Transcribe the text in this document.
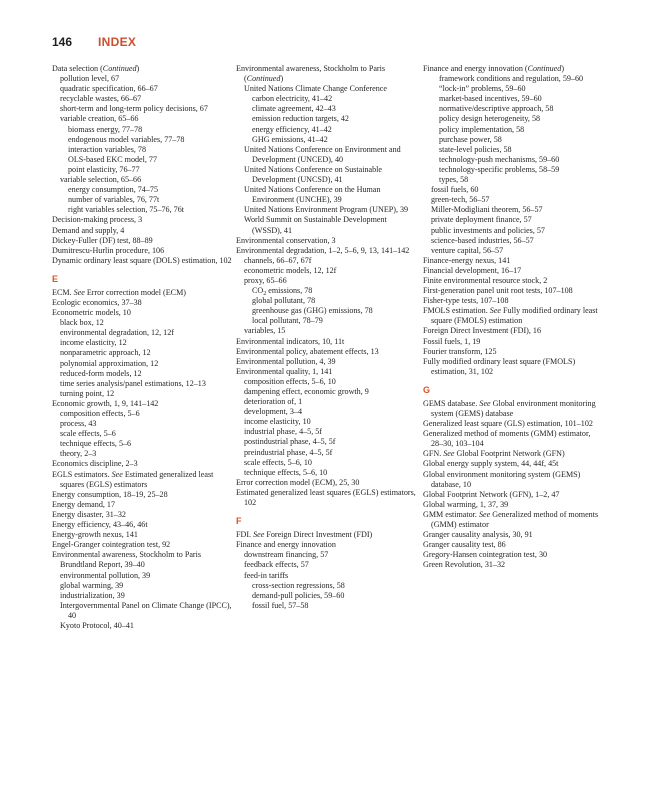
146 INDEX

Data selection (Continued)

pollution level, 67

quadratic specification, 66–67

recyclable wastes, 66–67

short-term and long-term policy decisions, 67

variable creation, 65–66

biomass energy, 77–78

endogenous model variables, 77–78

interaction variables, 78

OLS-based EKC model, 77

point elasticity, 76–77

variable selection, 65–66

energy consumption, 74–75

number of variables, 76, 77t

right variables selection, 75–76, 76t

Decision-making process, 3

Demand and supply, 4

Dickey-Fuller (DF) test, 88–89

Dumitrescu-Hurlin procedure, 106

Dynamic ordinary least square (DOLS) estimation, 102

E

ECM. See Error correction model (ECM)

Ecologic economics, 37–38

Econometric models, 10

black box, 12

environmental degradation, 12, 12f

income elasticity, 12

nonparametric approach, 12

polynomial approximation, 12

reduced-form models, 12

time series analysis/panel estimations, 12–13

turning point, 12

Economic growth, 1, 9, 141–142

composition effects, 5–6

process, 43

scale effects, 5–6

technique effects, 5–6

theory, 2–3

Economics discipline, 2–3

EGLS estimators. See Estimated generalized least squares (EGLS) estimators

Energy consumption, 18–19, 25–28

Energy demand, 17

Energy disaster, 31–32

Energy efficiency, 43–46, 46t

Energy-growth nexus, 141

Engel-Granger cointegration test, 92

Environmental awareness, Stockholm to Paris

Brundtland Report, 39–40

environmental pollution, 39

global warming, 39

industrialization, 39

Intergovernmental Panel on Climate Change (IPCC), 40

Kyoto Protocol, 40–41

Environmental awareness, Stockholm to Paris (Continued)

United Nations Climate Change Conference

carbon electricity, 41–42

climate agreement, 42–43

emission reduction targets, 42

energy efficiency, 41–42

GHG emissions, 41–42

United Nations Conference on Environment and Development (UNCED), 40

United Nations Conference on Sustainable Development (UNCSD), 41

United Nations Conference on the Human Environment (UNCHE), 39

United Nations Environment Program (UNEP), 39

World Summit on Sustainable Development (WSSD), 41

Environmental conservation, 3

Environmental degradation, 1–2, 5–6, 9, 13, 141–142

channels, 66–67, 67f

econometric models, 12, 12f

proxy, 65–66

$CO_2$ emissions, 78

global pollutant, 78

greenhouse gas (GHG) emissions, 78

local pollutant, 78–79

variables, 15

Environmental indicators, 10, 11t

Environmental policy, abatement effects, 13

Environmental pollution, 4, 39

Environmental quality, 1, 141

composition effects, 5–6, 10

dampening effect, economic growth, 9

deterioration of, 1

development, 3–4

income elasticity, 10

industrial phase, 4–5, 5f

postindustrial phase, 4–5, 5f

preindustrial phase, 4–5, 5f

scale effects, 5–6, 10

technique effects, 5–6, 10

Error correction model (ECM), 25, 30

Estimated generalized least squares (EGLS) estimators, 102

F

FDI. See Foreign Direct Investment (FDI)

Finance and energy innovation

downstream financing, 57

feedback effects, 57

feed-in tariffs

cross-section regressions, 58

demand-pull policies, 59–60

fossil fuel, 57–58

Finance and energy innovation (Continued)

framework conditions and regulation, 59–60

“lock-in” problems, 59–60

market-based incentives, 59–60

normative/descriptive approach, 58

policy design heterogeneity, 58

policy implementation, 58

purchase power, 58

state-level policies, 58

technology-push mechanisms, 59–60

technology-specific problems, 58–59

types, 58

fossil fuels, 60

green-tech, 56–57

Miller-Modigliani theorem, 56–57

private deployment finance, 57

public investments and policies, 57

science-based industries, 56–57

venture capital, 56–57

Finance-energy nexus, 141

Financial development, 16–17

Finite environmental resource stock, 2

First-generation panel unit root tests, 107–108

Fisher-type tests, 107–108

FMOLS estimation. See Fully modified ordinary least square (FMOLS) estimation

Foreign Direct Investment (FDI), 16

Fossil fuels, 1, 19

Fourier transform, 125

Fully modified ordinary least square (FMOLS) estimation, 31, 102

G

GEMS database. See Global environment monitoring system (GEMS) database

Generalized least square (GLS) estimation, 101–102

Generalized method of moments (GMM) estimator, 28–30, 103–104

GFN. See Global Footprint Network (GFN)

Global energy supply system, 44, 44f, 45t

Global environment monitoring system (GEMS) database, 10

Global Footprint Network (GFN), 1–2, 47

Global warming, 1, 37, 39

GMM estimator. See Generalized method of moments (GMM) estimator

Granger causality analysis, 30, 91

Granger causality test, 86

Gregory-Hansen cointegration test, 30

Green Revolution, 31–32
